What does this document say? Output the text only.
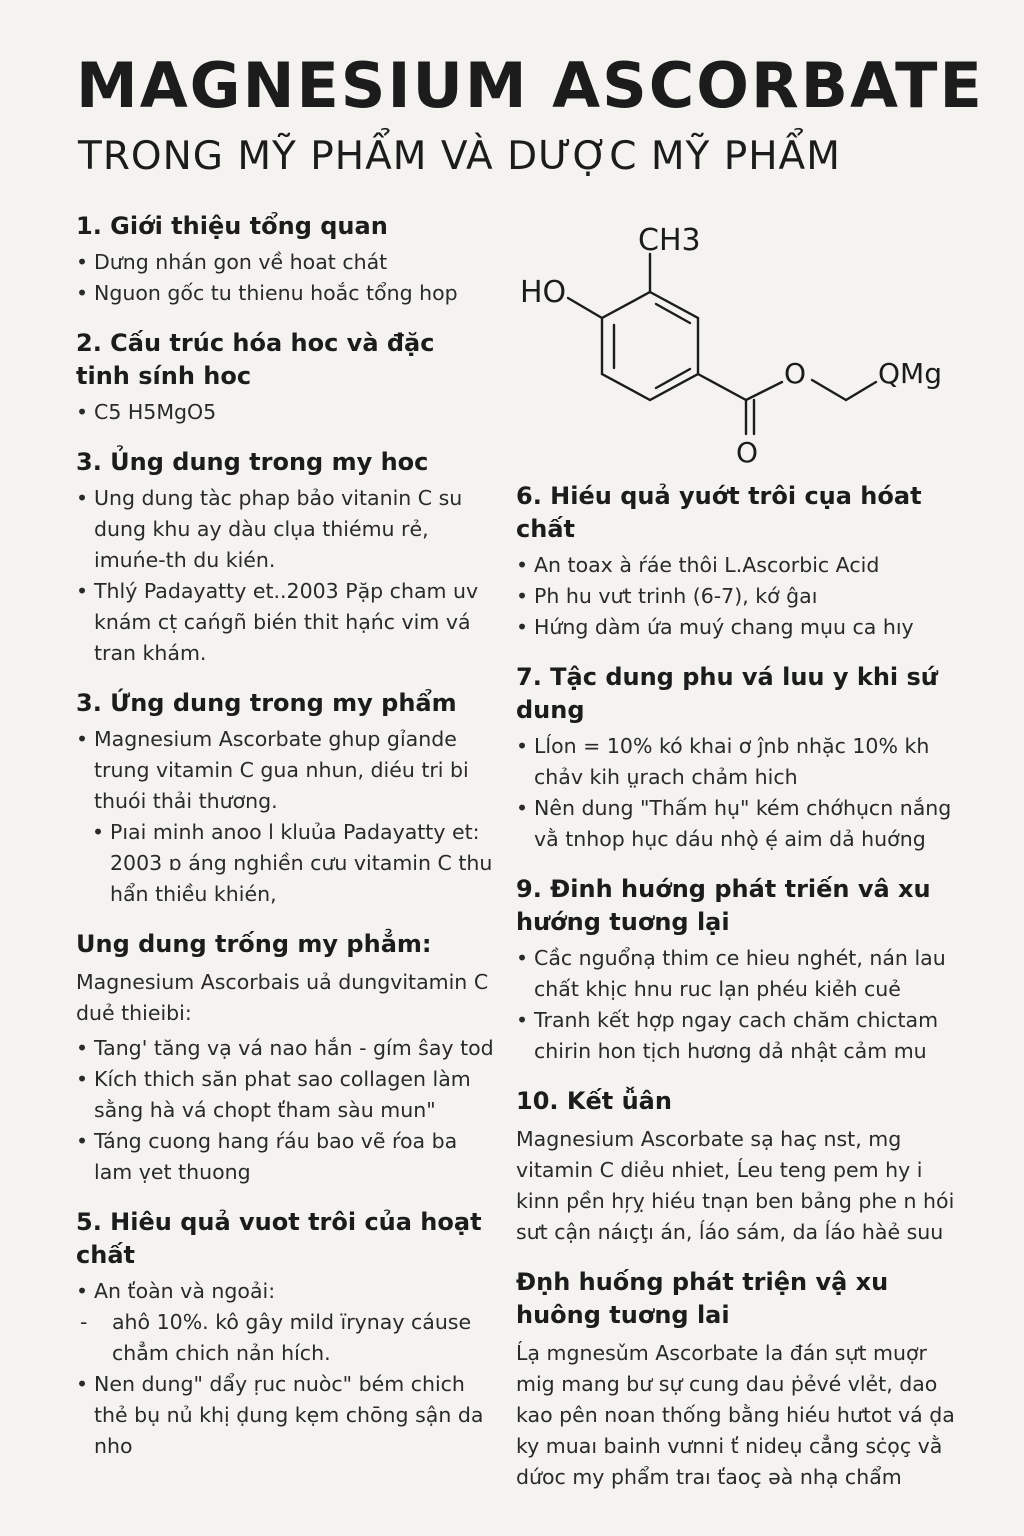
MAGNESIUM ASCORBATE
TRONG MỸ PHẨM VÀ DƯỢC MỸ PHẨM
CH3
HO
O	QMg
O
1. Giới thiệu tổng quan
• Dưng nhán gon về hoat chát
• Nguon gốc tu thienu hoắc tổng hop
2. Cấu trúc hóa hoc và đặc tinh sính hoc
• C5 H5MgO5
3. Ủng dung trong my hoc
• Ung dung tàc phap bảo vitanin C su dung khu ay dàu clụa thiému rẻ, imuńe-th du kién.
• Thlý Padayatty et..2003 Pặp cham uv knám cṭ cańgñ bién thit hạńc vim vá tran khám.
3. Ứng dung trong my phẩm
• Magnesium Ascorbate ghup gỉande trung vitamin C gua nhun, diéu tri bi thuói thải thương.
• Pıai minh anoo l kluủa Padayatty et: 2003 ɒ áng nghiền cưu vitamin C thu hẩn thiều khién,
Ung dung trống my phẳm:

Magnesium Ascorbais uả dungvitamin C duẻ thieibi:

• Tang' tăng vạ vá nao hắn - gím ŝay tod
• Kích thich săn phat sao collagen làm sằng hà vá chopt ťham sàu mun"
• Táng cuong hang ŕáu bao vẽ ŕoa ba lam ṿet thuong
5. Hiêu quả vuot trôi của hoạt chất
• An ťoàn và ngoải:
- ahô 10%. kô gây mild ïrynay cáuse chẳm chich nản hích.
• Nen dung" dẩy ṛuc nuòc" bém chich thẻ bụ nủ khị ḍung kẹm chōng sận da nho
6. Hiéu quả yuớt trôi cụa hóat chất
• An toax à ŕáe thôi L.Ascorbic Acid
• Ph hu vưt trinh (6-7), kớ ĝaı
• Hứng dàm ứa muý chang mụu ca hıy
7. Tậc dung phu vá luu y khi sứ dung
• Lĺon = 10% kó khai ơ ĵnb nhặc 10% kh chảv kih ṳrach chảm hich
• Nên dung "Thấm hụ" kém chớhụcn nắng vằ tnhop hục dáu nhǫ̀ ẹ́ aim dả huớng
9. Đinh huớng phát triến vâ xu hướng tuơng lại
• Cầc nguổnạ thim ce hieu nghét, nán lau chất khịc hnu ruc lạn phéu kiẻh cuẻ
• Tranh kết hợp ngay cach chăm chictam chirin hon tịch hương dả nhật cảm mu
10. Kết ǚân

Magnesium Ascorbate sạ haç nst, mg vitamin C diẻu nhiet, Ĺeu teng pem hy i kinn pền hŗỵ hiéu tnạn ben bảng phe n hói sưt cận náıçţı án, ĺáo sám, da ĺáo hàẻ suu

Đṇh huống phát triện vậ xu huông tuơng lai

Ĺạ mgnesǔm Ascorbate la đán sựt muợr mig mang bư sự cung dau ṗẻvé vlẻt, dao kao pên noan thống bằng hiéu hưtot vá ḍa ky muaı bainh vưnni ť nideụ cẳng sċọç vằ dứoc my phẩm traı ťaoç ǝà nhạ chẩm
